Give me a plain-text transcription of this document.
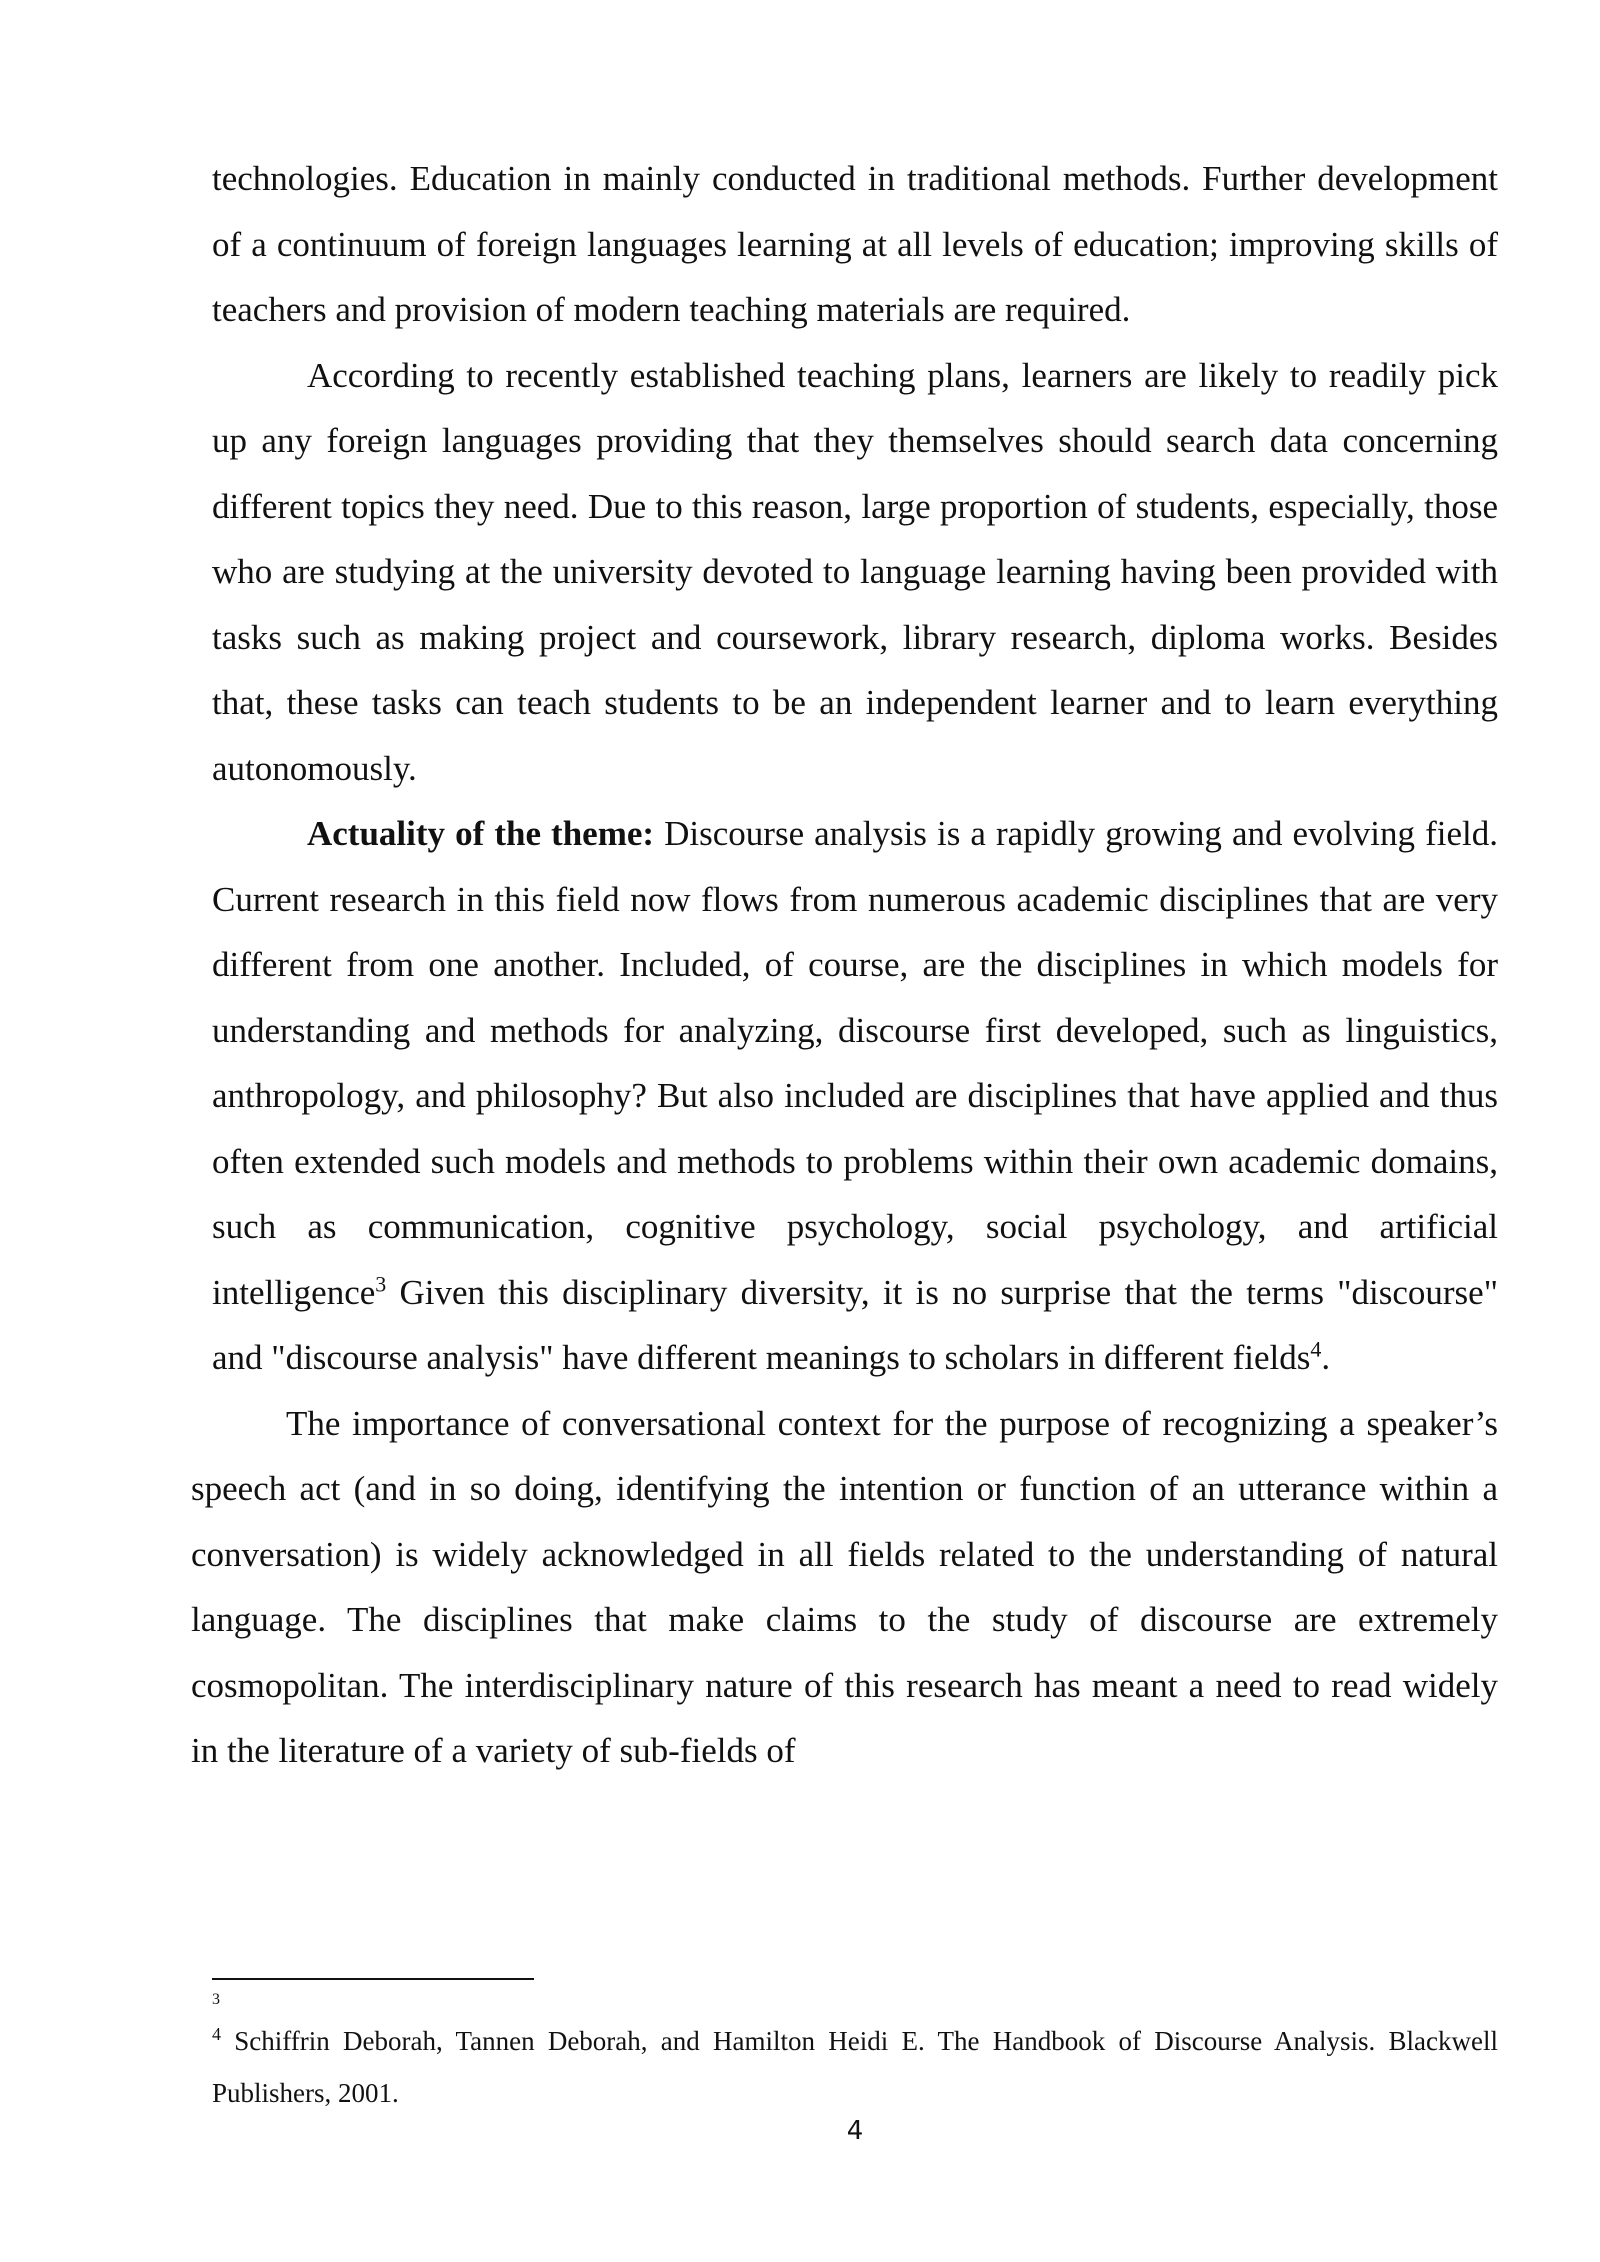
technologies. Education in mainly conducted in traditional methods. Further development of a continuum of foreign languages learning at all levels of education; improving skills of teachers and provision of modern teaching materials are required.

According to recently established teaching plans, learners are likely to readily pick up any foreign languages providing that they themselves should search data concerning different topics they need. Due to this reason, large proportion of students, especially, those who are studying at the university devoted to language learning having been provided with tasks such as making project and coursework, library research, diploma works. Besides that, these tasks can teach students to be an independent learner and to learn everything autonomously.

Actuality of the theme: Discourse analysis is a rapidly growing and evolving field. Current research in this field now flows from numerous academic disciplines that are very different from one another. Included, of course, are the disciplines in which models for understanding and methods for analyzing, discourse first developed, such as linguistics, anthropology, and philosophy? But also included are disciplines that have applied and thus often extended such models and methods to problems within their own academic domains, such as communication, cognitive psychology, social psychology, and artificial intelligence$^3$ Given this disciplinary diversity, it is no surprise that the terms "discourse" and "discourse analysis" have different meanings to scholars in different fields$^4$.

The importance of conversational context for the purpose of recognizing a speaker’s speech act (and in so doing, identifying the intention or function of an utterance within a conversation) is widely acknowledged in all fields related to the understanding of natural language. The disciplines that make claims to the study of discourse are extremely cosmopolitan. The interdisciplinary nature of this research has meant a need to read widely in the literature of a variety of sub-fields of

3

$^4$ Schiffrin Deborah, Tannen Deborah, and Hamilton Heidi E. The Handbook of Discourse Analysis. Blackwell Publishers, 2001.

4
